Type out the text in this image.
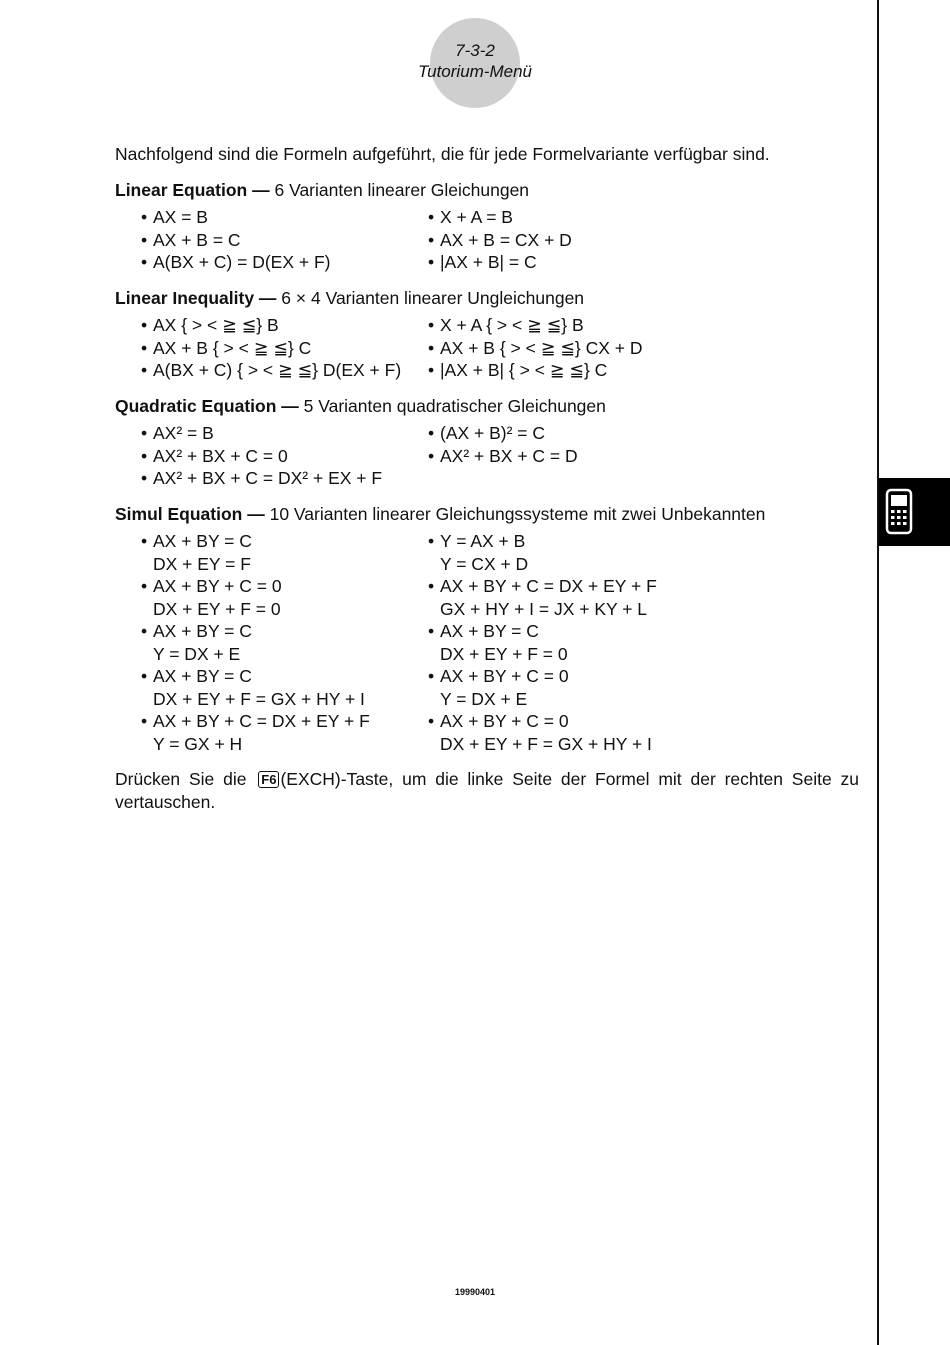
7-3-2
Tutorium-Menü

Nachfolgend sind die Formeln aufgeführt, die für jede Formelvariante verfügbar sind.

Linear Equation — 6 Varianten linearer Gleichungen

• AX = B	• X + A = B
• AX + B = C	• AX + B = CX + D
• A(BX + C) = D(EX + F)	• |AX + B| = C

Linear Inequality — 6 × 4 Varianten linearer Ungleichungen

• AX { > < ≧ ≦} B	• X + A { > < ≧ ≦} B
• AX + B { > < ≧ ≦} C	• AX + B { > < ≧ ≦} CX + D
• A(BX + C) { > < ≧ ≦} D(EX + F) • |AX + B| { > < ≧ ≦} C

Quadratic Equation — 5 Varianten quadratischer Gleichungen

• AX² = B	• (AX + B)² = C
• AX² + BX + C = 0	• AX² + BX + C = D
• AX² + BX + C = DX² + EX + F

Simul Equation — 10 Varianten linearer Gleichungssysteme mit zwei Unbekannten

• AX + BY = C
DX + EY = F
• Y = AX + B
Y = CX + D
• AX + BY + C = 0
DX + EY + F = 0
• AX + BY + C = DX + EY + F
GX + HY + I = JX + KY + L
• AX + BY = C
Y = DX + E
• AX + BY = C
DX + EY + F = 0
• AX + BY = C
DX + EY + F = GX + HY + I
• AX + BY + C = 0
Y = DX + E
• AX + BY + C = DX + EY + F
Y = GX + H
• AX + BY + C = 0
DX + EY + F = GX + HY + I

Drücken Sie die F6 (EXCH)-Taste, um die linke Seite der Formel mit der rechten Seite zu vertauschen.

19990401
